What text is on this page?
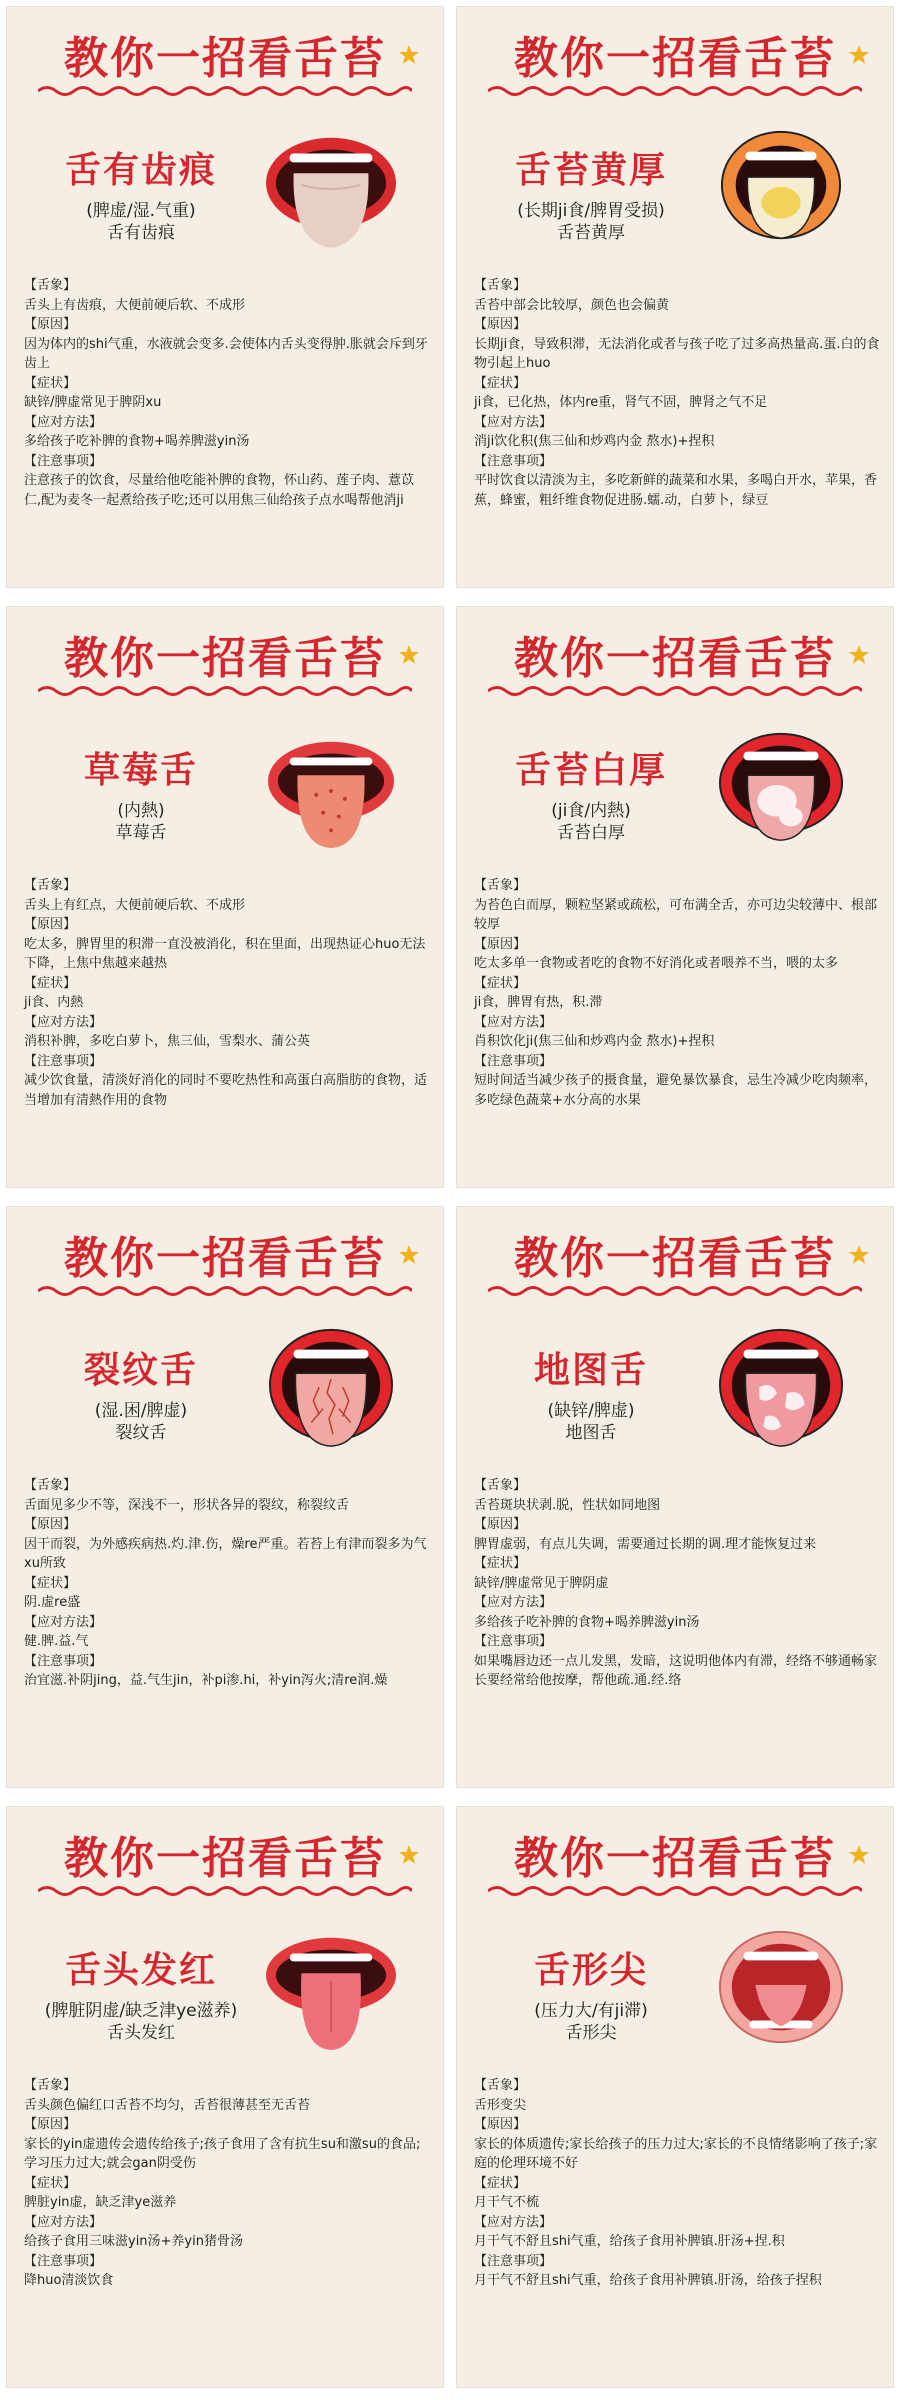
教你一招看舌苔
舌有齿痕
(脾虚/湿.气重)
舌有齿痕

【舌象】

舌头上有齿痕，大便前硬后软、不成形

【原因】

因为体内的shi气重，水液就会变多.会使体内舌头变得肿.胀就会斥到牙齿上

【症状】

缺锌/脾虚常见于脾阴xu

【应对方法】

多给孩子吃补脾的食物+喝养脾滋yin汤

【注意事项】

注意孩子的饮食，尽量给他吃能补脾的食物，怀山药、莲子肉、薏苡仁,配为麦冬一起煮给孩子吃;还可以用焦三仙给孩子点水喝帮他消ji

教你一招看舌苔
舌苔黄厚
(长期ji食/脾胃受损)
舌苔黄厚

【舌象】

舌苔中部会比较厚，颜色也会偏黄

【原因】

长期ji食，导致积滞，无法消化或者与孩子吃了过多高热量高.蛋.白的食物引起上huo

【症状】

ji食，已化热，体内re重，肾气不固，脾肾之气不足

【应对方法】

消ji饮化积(焦三仙和炒鸡内金 熬水)+捏积

【注意事项】

平时饮食以清淡为主，多吃新鲜的蔬菜和水果，多喝白开水，苹果，香蕉，蜂蜜，粗纤维食物促进肠.蠕.动，白萝卜，绿豆

教你一招看舌苔
草莓舌
(内熱)
草莓舌

【舌象】

舌头上有红点，大便前硬后软、不成形

【原因】

吃太多，脾胃里的积滞一直没被消化，积在里面，出现热证心huo无法下降，上焦中焦越来越热

【症状】

ji食、内熱

【应对方法】

消积补脾，多吃白萝卜，焦三仙，雪梨水、蒲公英

【注意事项】

减少饮食量，清淡好消化的同时不要吃热性和高蛋白高脂肪的食物，适当增加有清熱作用的食物

教你一招看舌苔
舌苔白厚
(ji食/内熱)
舌苔白厚

【舌象】

为苔色白而厚，颗粒坚紧或疏松，可布满全舌，亦可边尖较薄中、根部较厚

【原因】

吃太多单一食物或者吃的食物不好消化或者喂养不当，喂的太多

【症状】

ji食，脾胃有热，积.滞

【应对方法】

肖积饮化ji(焦三仙和炒鸡内金 熬水)+捏积

【注意事项】

短时间适当减少孩子的摄食量，避免暴饮暴食，忌生冷减少吃肉频率，多吃绿色蔬菜+水分高的水果

教你一招看舌苔
裂纹舌
(湿.困/脾虚)
裂纹舌

【舌象】

舌面见多少不等，深浅不一，形状各异的裂纹，称裂纹舌

【原因】

因干而裂，为外感疾病热.灼.津.伤，燥re严重。若苔上有津而裂多为气xu所致

【症状】

阴.虚re盛

【应对方法】

健.脾.益.气

【注意事项】

治宜滋.补阴jing，益.气生jin，补pi渗.hi，补yin泻火;清re润.燥

教你一招看舌苔
地图舌
(缺锌/脾虚)
地图舌

【舌象】

舌苔斑块状剥.脱，性状如同地图

【原因】

脾胃虚弱，有点儿失调，需要通过长期的调.理才能恢复过来

【症状】

缺锌/脾虚常见于脾阴虚

【应对方法】

多给孩子吃补脾的食物+喝养脾滋yin汤

【注意事项】

如果嘴唇边还一点儿发黑，发暗，这说明他体内有滞，经络不够通畅家长要经常给他按摩，帮他疏.通.经.络

教你一招看舌苔
舌头发红
(脾脏阴虚/缺乏津ye滋养)
舌头发红

【舌象】

舌头颜色偏红口舌苔不均匀，舌苔很薄甚至无舌苔

【原因】

家长的yin虚遗传会遗传给孩子;孩子食用了含有抗生su和激su的食品;学习压力过大;就会gan阴受伤

【症状】

脾脏yin虚，缺乏津ye滋养

【应对方法】

给孩子食用三味滋yin汤+养yin猪骨汤

【注意事项】

降huo清淡饮食

教你一招看舌苔
舌形尖
(压力大/有ji滞)
舌形尖

【舌象】

舌形变尖

【原因】

家长的体质遗传;家长给孩子的压力过大;家长的不良情绪影响了孩子;家庭的伦理环境不好

【症状】

月干气不梳

【应对方法】

月干气不舒且shi气重，给孩子食用补脾镇.肝汤+捏.积

【注意事项】

月干气不舒且shi气重，给孩子食用补脾镇.肝汤，给孩子捏积
